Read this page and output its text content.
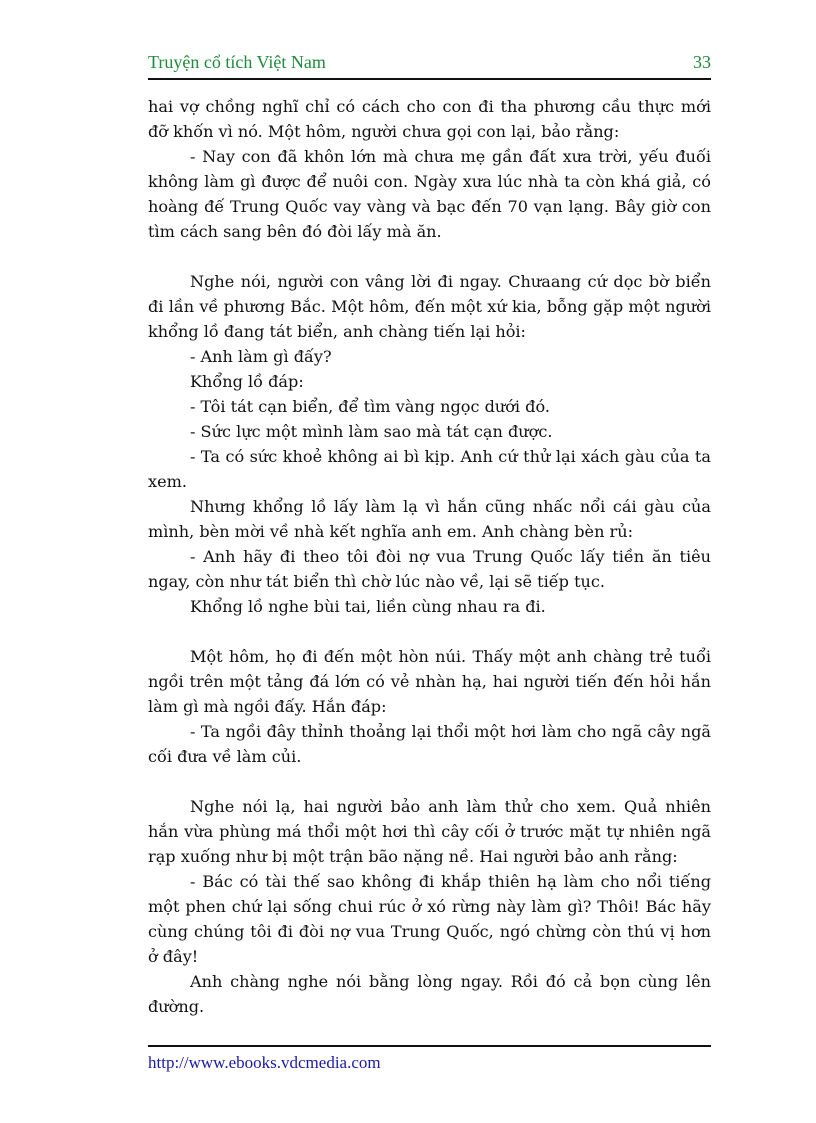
Truyện cổ tích Việt Nam	33

hai vợ chồng nghĩ chỉ có cách cho con đi tha phương cầu thực mới đỡ khốn vì nó. Một hôm, người chưa gọi con lại, bảo rằng:

- Nay con đã khôn lớn mà chưa mẹ gần đất xưa trời, yếu đuối không làm gì được để nuôi con. Ngày xưa lúc nhà ta còn khá giả, có hoàng đế Trung Quốc vay vàng và bạc đến 70 vạn lạng. Bây giờ con tìm cách sang bên đó đòi lấy mà ăn.

Nghe nói, người con vâng lời đi ngay. Chưaang cứ dọc bờ biển đi lần về phương Bắc. Một hôm, đến một xứ kia, bỗng gặp một người khổng lồ đang tát biển, anh chàng tiến lại hỏi:

- Anh làm gì đấy?

Khổng lồ đáp:

- Tôi tát cạn biển, để tìm vàng ngọc dưới đó.

- Sức lực một mình làm sao mà tát cạn được.

- Ta có sức khoẻ không ai bì kịp. Anh cứ thử lại xách gàu của ta xem.

Nhưng khổng lồ lấy làm lạ vì hắn cũng nhấc nổi cái gàu của mình, bèn mời về nhà kết nghĩa anh em. Anh chàng bèn rủ:

- Anh hãy đi theo tôi đòi nợ vua Trung Quốc lấy tiền ăn tiêu ngay, còn như tát biển thì chờ lúc nào về, lại sẽ tiếp tục.

Khổng lồ nghe bùi tai, liền cùng nhau ra đi.

Một hôm, họ đi đến một hòn núi. Thấy một anh chàng trẻ tuổi ngồi trên một tảng đá lớn có vẻ nhàn hạ, hai người tiến đến hỏi hắn làm gì mà ngồi đấy. Hắn đáp:

- Ta ngồi đây thỉnh thoảng lại thổi một hơi làm cho ngã cây ngã cối đưa về làm củi.

Nghe nói lạ, hai người bảo anh làm thử cho xem. Quả nhiên hắn vừa phùng má thổi một hơi thì cây cối ở trước mặt tự nhiên ngã rạp xuống như bị một trận bão nặng nề. Hai người bảo anh rằng:

- Bác có tài thế sao không đi khắp thiên hạ làm cho nổi tiếng một phen chứ lại sống chui rúc ở xó rừng này làm gì? Thôi! Bác hãy cùng chúng tôi đi đòi nợ vua Trung Quốc, ngó chừng còn thú vị hơn ở đây!

Anh chàng nghe nói bằng lòng ngay. Rồi đó cả bọn cùng lên đường.

http://www.ebooks.vdcmedia.com
